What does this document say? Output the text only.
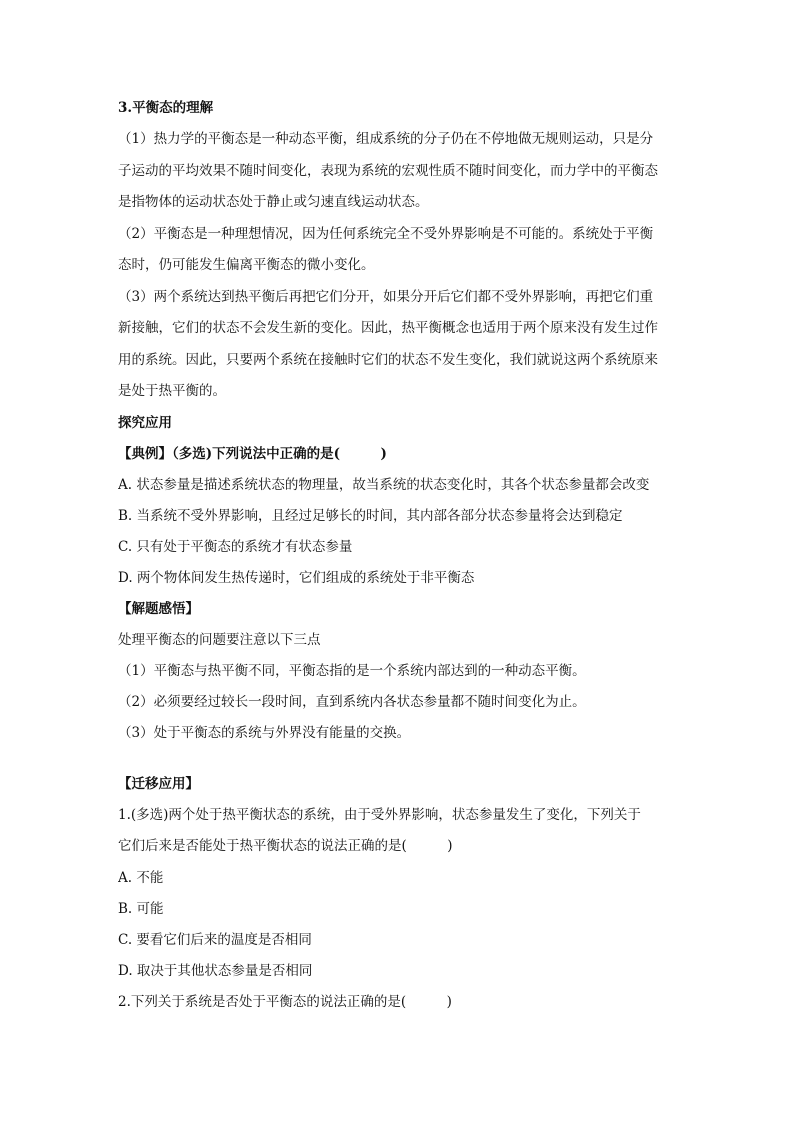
3.平衡态的理解
（1）热力学的平衡态是一种动态平衡，组成系统的分子仍在不停地做无规则运动，只是分
子运动的平均效果不随时间变化，表现为系统的宏观性质不随时间变化，而力学中的平衡态
是指物体的运动状态处于静止或匀速直线运动状态。
（2）平衡态是一种理想情况，因为任何系统完全不受外界影响是不可能的。系统处于平衡
态时，仍可能发生偏离平衡态的微小变化。
（3）两个系统达到热平衡后再把它们分开，如果分开后它们都不受外界影响，再把它们重
新接触，它们的状态不会发生新的变化。因此，热平衡概念也适用于两个原来没有发生过作
用的系统。因此，只要两个系统在接触时它们的状态不发生变化，我们就说这两个系统原来
是处于热平衡的。
探究应用
【典例】（多选)下列说法中正确的是(　　　)
A. 状态参量是描述系统状态的物理量，故当系统的状态变化时，其各个状态参量都会改变
B. 当系统不受外界影响，且经过足够长的时间，其内部各部分状态参量将会达到稳定
C. 只有处于平衡态的系统才有状态参量
D. 两个物体间发生热传递时，它们组成的系统处于非平衡态
【解题感悟】
处理平衡态的问题要注意以下三点
（1）平衡态与热平衡不同，平衡态指的是一个系统内部达到的一种动态平衡。
（2）必须要经过较长一段时间，直到系统内各状态参量都不随时间变化为止。
（3）处于平衡态的系统与外界没有能量的交换。
【迁移应用】
1.(多选)两个处于热平衡状态的系统，由于受外界影响，状态参量发生了变化，下列关于
它们后来是否能处于热平衡状态的说法正确的是(　　　)
A. 不能
B. 可能
C. 要看它们后来的温度是否相同
D. 取决于其他状态参量是否相同
2.下列关于系统是否处于平衡态的说法正确的是(　　　)
